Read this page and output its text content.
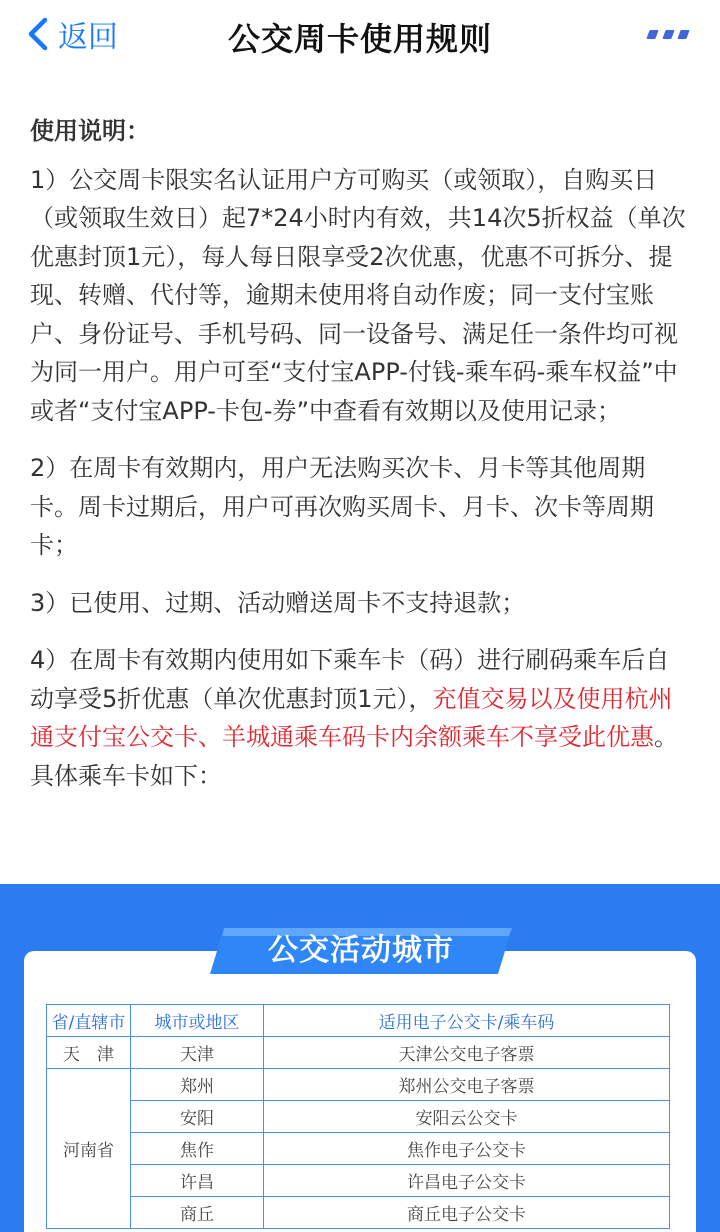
返回	公交周卡使用规则
使用说明：
1）公交周卡限实名认证用户方可购买（或领取），自购买日（或领取生效日）起7*24小时内有效，共14次5折权益（单次优惠封顶1元），每人每日限享受2次优惠，优惠不可拆分、提现、转赠、代付等，逾期未使用将自动作废；同一支付宝账户、身份证号、手机号码、同一设备号、满足任一条件均可视为同一用户。用户可至“支付宝APP-付钱-乘车码-乘车权益”中或者“支付宝APP-卡包-券”中查看有效期以及使用记录；
2）在周卡有效期内，用户无法购买次卡、月卡等其他周期卡。周卡过期后，用户可再次购买周卡、月卡、次卡等周期卡；
3）已使用、过期、活动赠送周卡不支持退款；
4）在周卡有效期内使用如下乘车卡（码）进行刷码乘车后自动享受5折优惠（单次优惠封顶1元），充值交易以及使用杭州通支付宝公交卡、羊城通乘车码卡内余额乘车不享受此优惠。具体乘车卡如下：
公交活动城市
省/直辖市	城市或地区	适用电子公交卡/乘车码
天　津	天津	天津公交电子客票
河南省	郑州	郑州公交电子客票
	安阳	安阳云公交卡
	焦作	焦作电子公交卡
	许昌	许昌电子公交卡
	商丘	商丘电子公交卡
